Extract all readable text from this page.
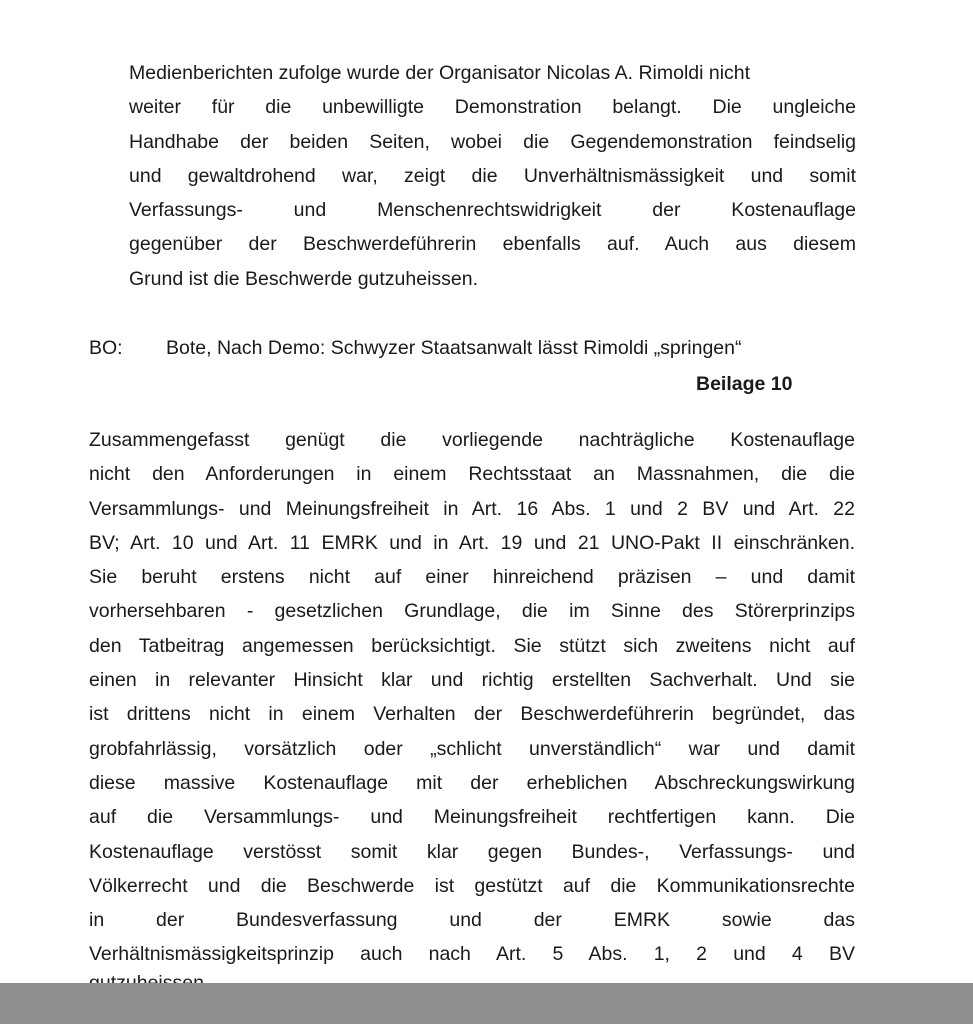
Medienberichten zufolge wurde der Organisator Nicolas A. Rimoldi nicht
weiter für die unbewilligte Demonstration belangt. Die ungleiche
Handhabe der beiden Seiten, wobei die Gegendemonstration feindselig
und gewaltdrohend war, zeigt die Unverhältnismässigkeit und somit
Verfassungs- und Menschenrechtswidrigkeit der Kostenauflage
gegenüber der Beschwerdeführerin ebenfalls auf. Auch aus diesem
Grund ist die Beschwerde gutzuheissen.
BO: Bote, Nach Demo: Schwyzer Staatsanwalt lässt Rimoldi „springen“
Beilage 10
Zusammengefasst genügt die vorliegende nachträgliche Kostenauflage
nicht den Anforderungen in einem Rechtsstaat an Massnahmen, die die
Versammlungs- und Meinungsfreiheit in Art. 16 Abs. 1 und 2 BV und Art. 22
BV; Art. 10 und Art. 11 EMRK und in Art. 19 und 21 UNO-Pakt II einschränken.
Sie beruht erstens nicht auf einer hinreichend präzisen – und damit
vorhersehbaren - gesetzlichen Grundlage, die im Sinne des Störerprinzips
den Tatbeitrag angemessen berücksichtigt. Sie stützt sich zweitens nicht auf
einen in relevanter Hinsicht klar und richtig erstellten Sachverhalt. Und sie
ist drittens nicht in einem Verhalten der Beschwerdeführerin begründet, das
grobfahrlässig, vorsätzlich oder „schlicht unverständlich“ war und damit
diese massive Kostenauflage mit der erheblichen Abschreckungswirkung
auf die Versammlungs- und Meinungsfreiheit rechtfertigen kann. Die
Kostenauflage verstösst somit klar gegen Bundes-, Verfassungs- und
Völkerrecht und die Beschwerde ist gestützt auf die Kommunikationsrechte
in der Bundesverfassung und der EMRK sowie das
Verhältnismässigkeitsprinzip auch nach Art. 5 Abs. 1, 2 und 4 BV
